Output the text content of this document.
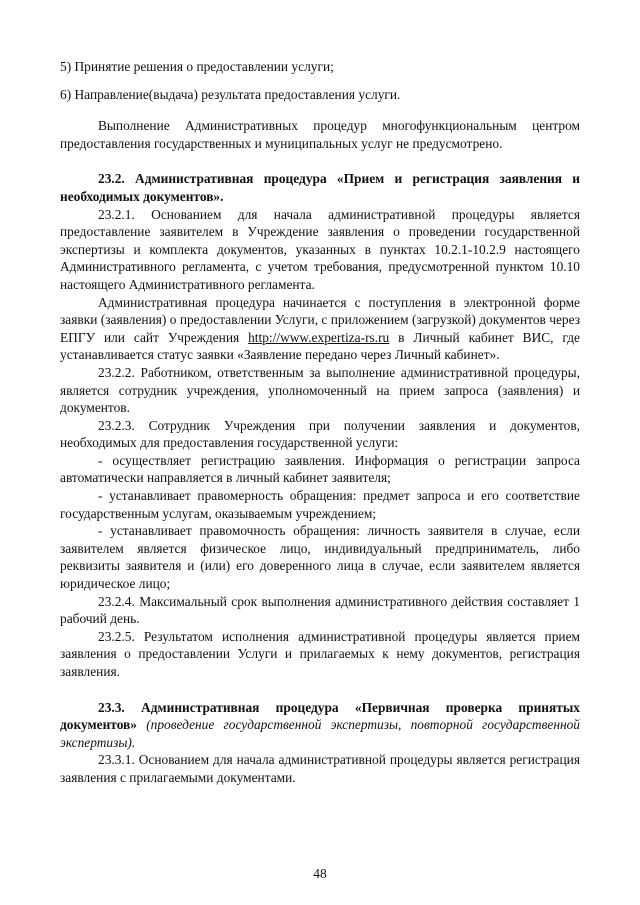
5) Принятие решения о предоставлении услуги;

6) Направление(выдача) результата предоставления услуги.

Выполнение Административных процедур многофункциональным центром предоставления государственных и муниципальных услуг не предусмотрено.

23.2. Административная процедура «Прием и регистрация заявления и необходимых документов».

23.2.1. Основанием для начала административной процедуры является предоставление заявителем в Учреждение заявления о проведении государственной экспертизы и комплекта документов, указанных в пунктах 10.2.1-10.2.9 настоящего Административного регламента, с учетом требования, предусмотренной пунктом 10.10 настоящего Административного регламента.

Административная процедура начинается с поступления в электронной форме заявки (заявления) о предоставлении Услуги, с приложением (загрузкой) документов через ЕПГУ или сайт Учреждения http://www.expertiza-rs.ru в Личный кабинет ВИС, где устанавливается статус заявки «Заявление передано через Личный кабинет».

23.2.2. Работником, ответственным за выполнение административной процедуры, является сотрудник учреждения, уполномоченный на прием запроса (заявления) и документов.

23.2.3. Сотрудник Учреждения при получении заявления и документов, необходимых для предоставления государственной услуги:

- осуществляет регистрацию заявления. Информация о регистрации запроса автоматически направляется в личный кабинет заявителя;

- устанавливает правомерность обращения: предмет запроса и его соответствие государственным услугам, оказываемым учреждением;

- устанавливает правомочность обращения: личность заявителя в случае, если заявителем является физическое лицо, индивидуальный предприниматель, либо реквизиты заявителя и (или) его доверенного лица в случае, если заявителем является юридическое лицо;

23.2.4. Максимальный срок выполнения административного действия составляет 1 рабочий день.

23.2.5. Результатом исполнения административной процедуры является прием заявления о предоставлении Услуги и прилагаемых к нему документов, регистрация заявления.

23.3. Административная процедура «Первичная проверка принятых документов» (проведение государственной экспертизы, повторной государственной экспертизы).

23.3.1. Основанием для начала административной процедуры является регистрация заявления с прилагаемыми документами.

48
